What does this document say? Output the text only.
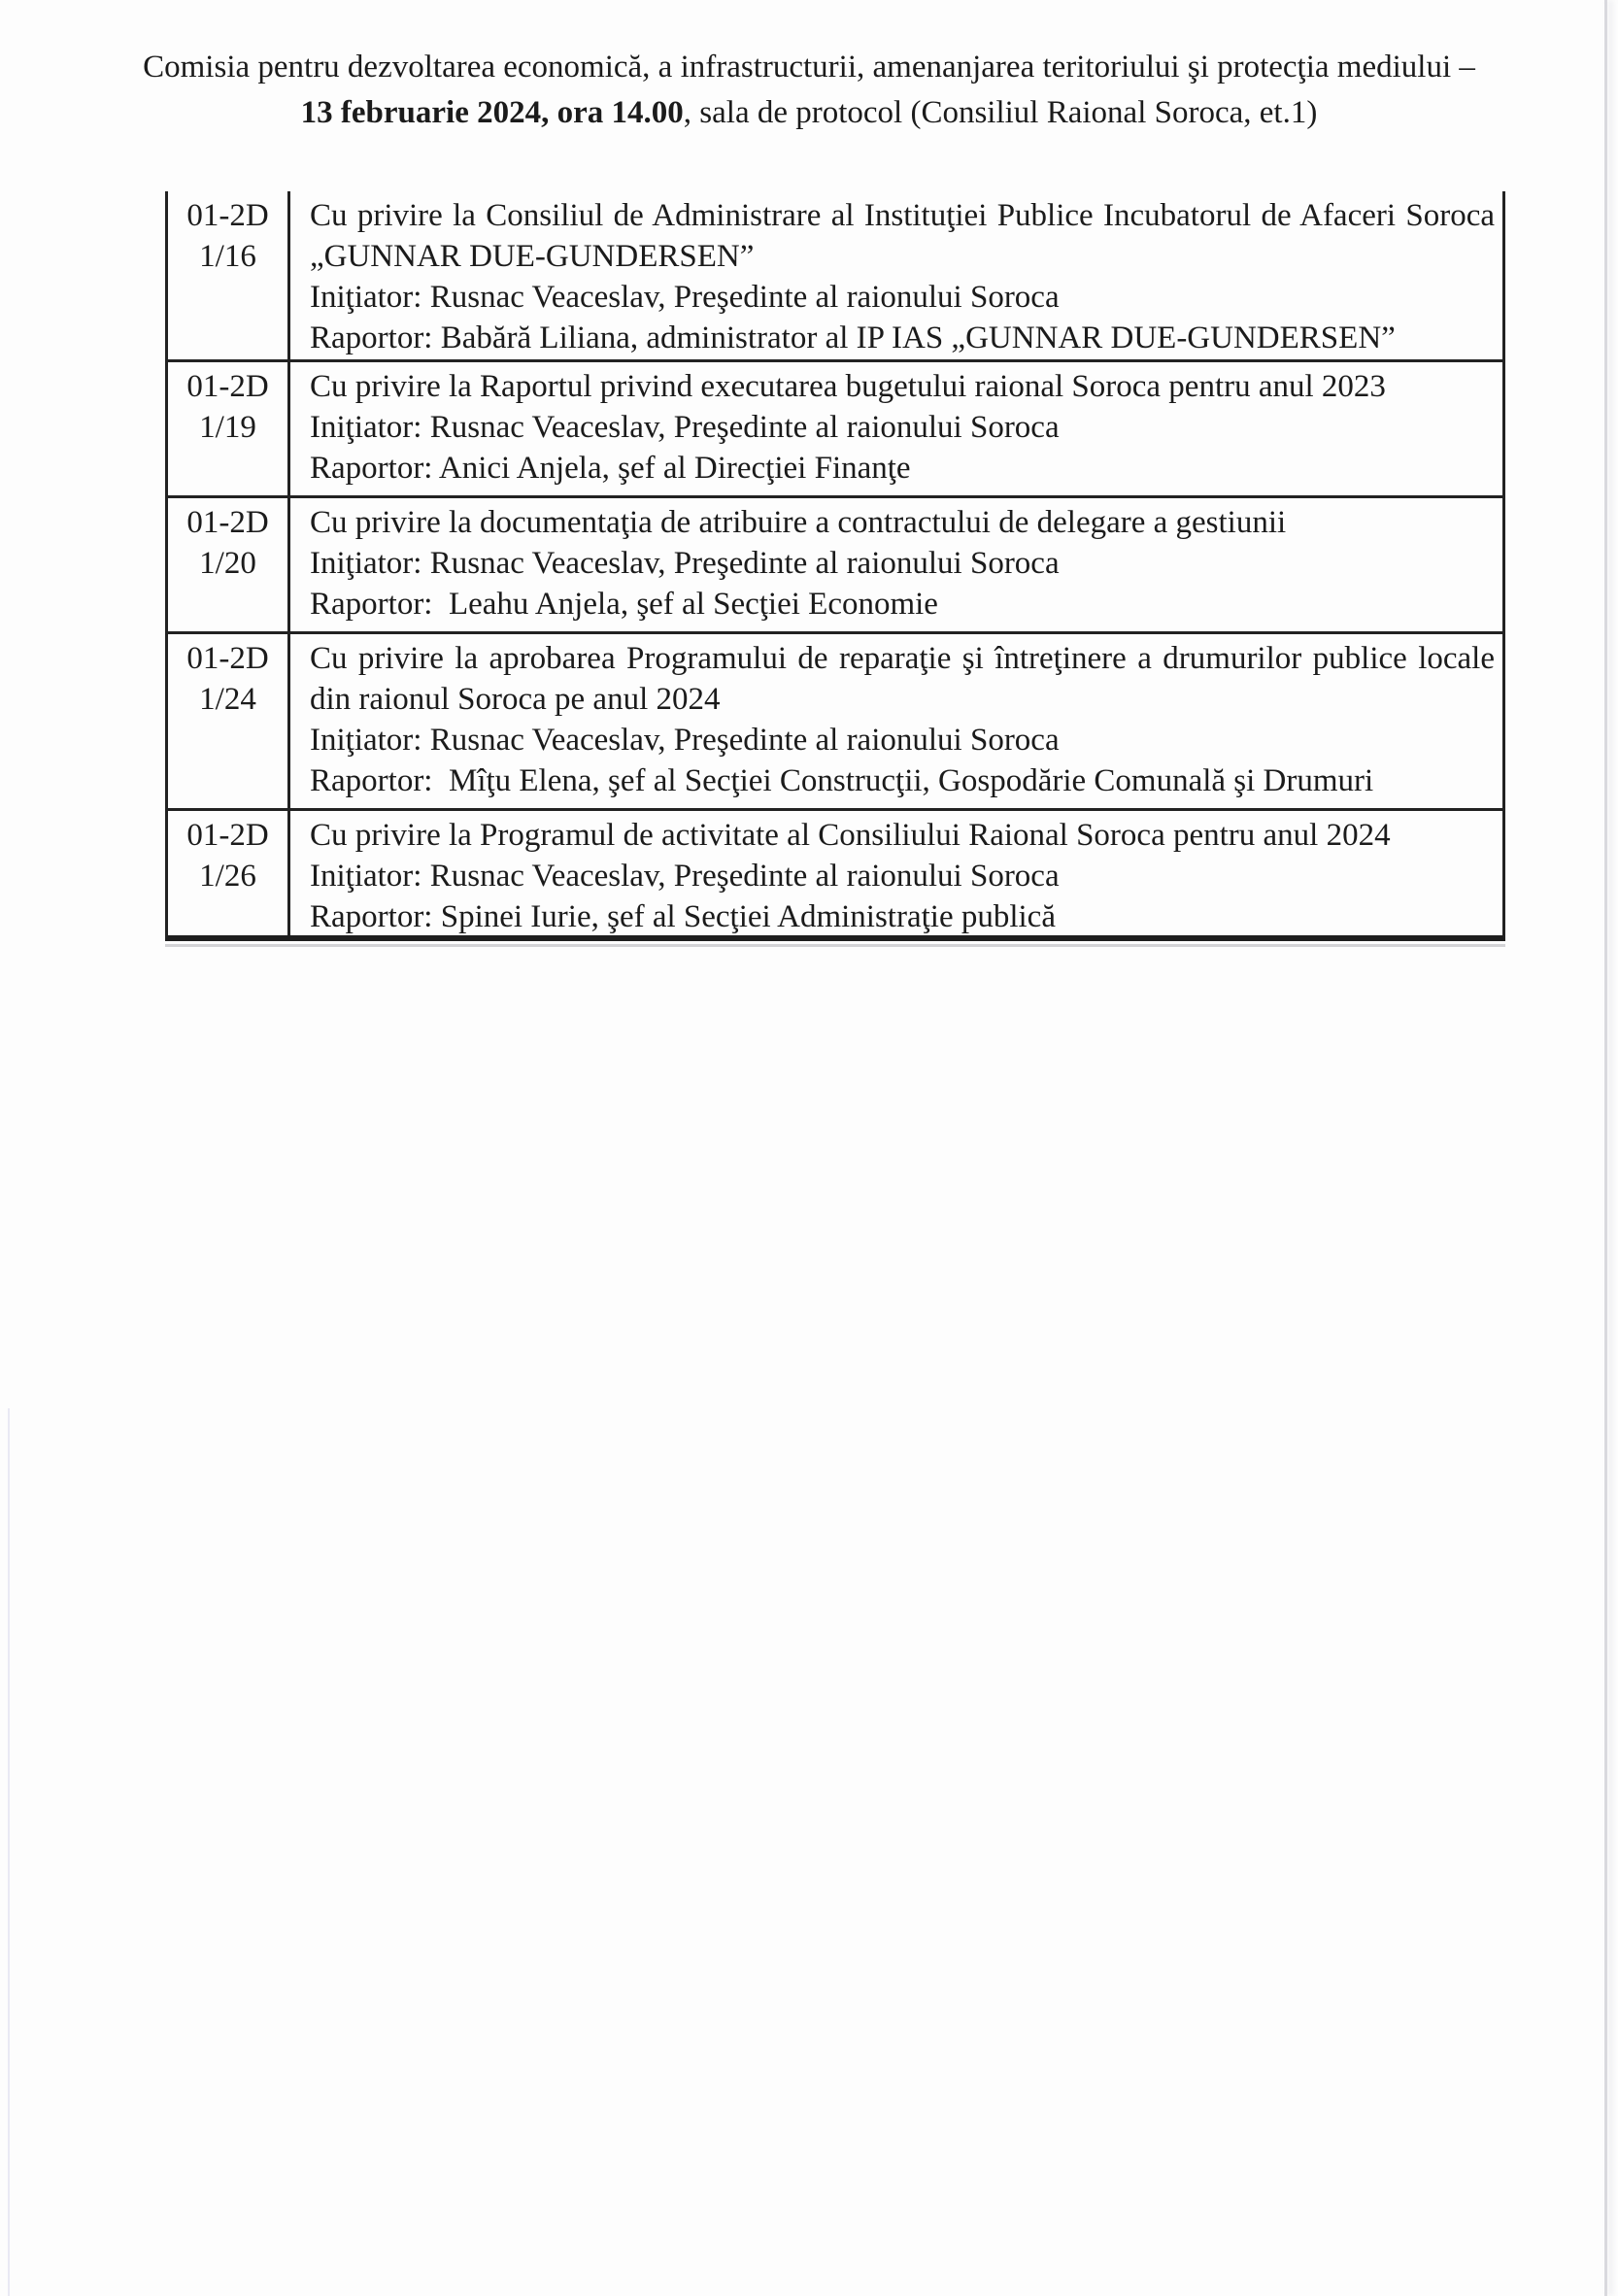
Comisia pentru dezvoltarea economică, a infrastructurii, amenanjarea teritoriului şi protecţia mediului –
13 februarie 2024, ora 14.00, sala de protocol (Consiliul Raional Soroca, et.1)
01-2D
1/16
Cu privire la Consiliul de Administrare al Instituţiei Publice Incubatorul de Afaceri Soroca
„GUNNAR DUE-GUNDERSEN”
Iniţiator: Rusnac Veaceslav, Preşedinte al raionului Soroca
Raportor: Babără Liliana, administrator al IP IAS „GUNNAR DUE-GUNDERSEN”
01-2D
1/19
Cu privire la Raportul privind executarea bugetului raional Soroca pentru anul 2023
Iniţiator: Rusnac Veaceslav, Preşedinte al raionului Soroca
Raportor: Anici Anjela, şef al Direcţiei Finanţe
01-2D
1/20
Cu privire la documentaţia de atribuire a contractului de delegare a gestiunii
Iniţiator: Rusnac Veaceslav, Preşedinte al raionului Soroca
Raportor:  Leahu Anjela, şef al Secţiei Economie
01-2D
1/24
Cu privire la aprobarea Programului de reparaţie şi întreţinere a drumurilor publice locale
din raionul Soroca pe anul 2024
Iniţiator: Rusnac Veaceslav, Preşedinte al raionului Soroca
Raportor:  Mîţu Elena, şef al Secţiei Construcţii, Gospodărie Comunală şi Drumuri
01-2D
1/26
Cu privire la Programul de activitate al Consiliului Raional Soroca pentru anul 2024
Iniţiator: Rusnac Veaceslav, Preşedinte al raionului Soroca
Raportor: Spinei Iurie, şef al Secţiei Administraţie publică
